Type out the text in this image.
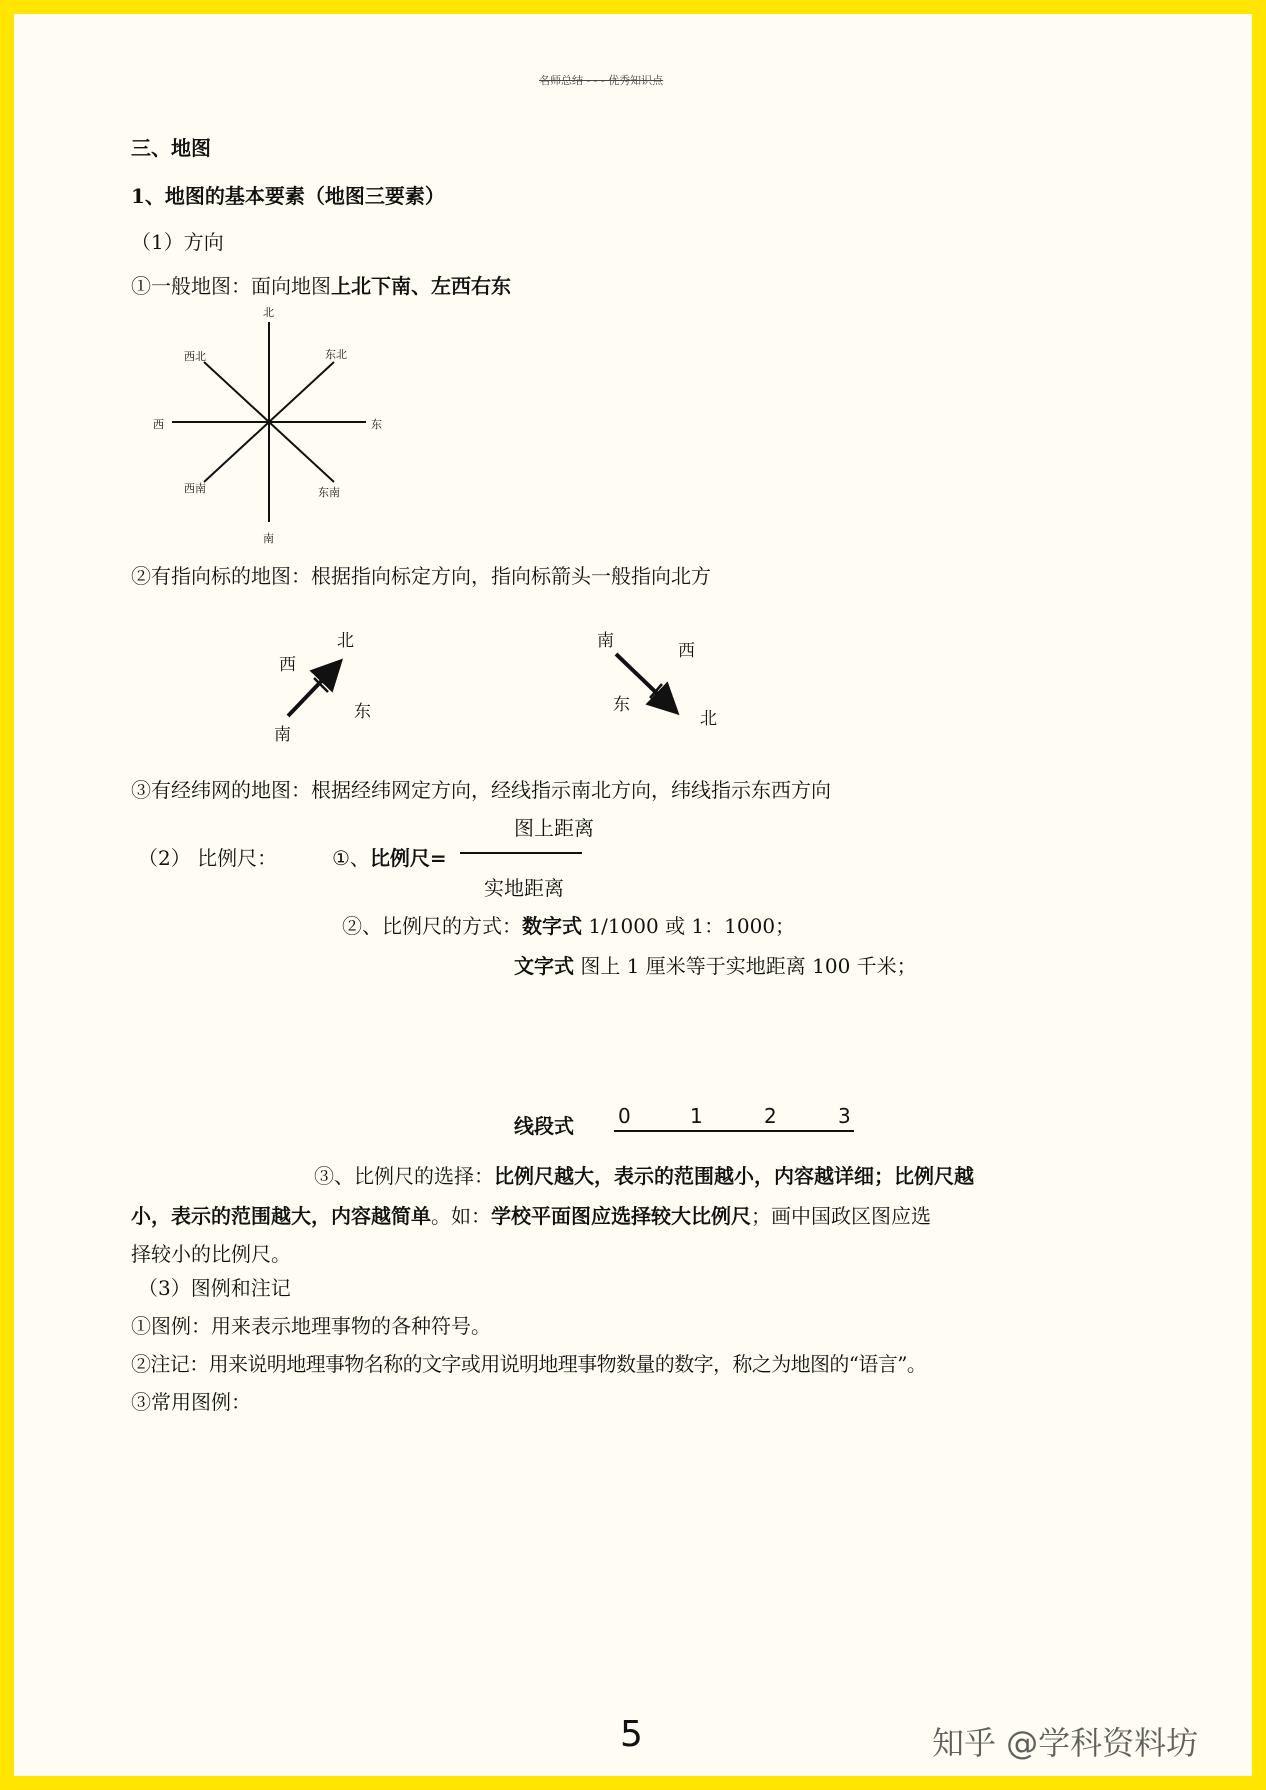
名师总结 - - - 优秀知识点
三、地图
1、地图的基本要素（地图三要素）
（1）方向
①一般地图：面向地图上北下南、左西右东
北
南
西	东
西北	东北
西南	东南
②有指向标的地图：根据指向标定方向，指向标箭头一般指向北方
北
西
东
南
南	西
东
北
③有经纬网的地图：根据经纬网定方向，经线指示南北方向，纬线指示东西方向
图上距离
（2） 比例尺：	①、比例尺=
实地距离
②、比例尺的方式：数字式 1/1000 或 1：1000；
文字式 图上 1 厘米等于实地距离 100 千米；
线段式 0	1	2	3
③、比例尺的选择：比例尺越大，表示的范围越小，内容越详细；比例尺越
小，表示的范围越大，内容越简单。如：学校平面图应选择较大比例尺；画中国政区图应选
择较小的比例尺。
（3）图例和注记
①图例：用来表示地理事物的各种符号。
②注记：用来说明地理事物名称的文字或用说明地理事物数量的数字，称之为地图的“语言”。
③常用图例：
5	知乎 @学科资料坊
